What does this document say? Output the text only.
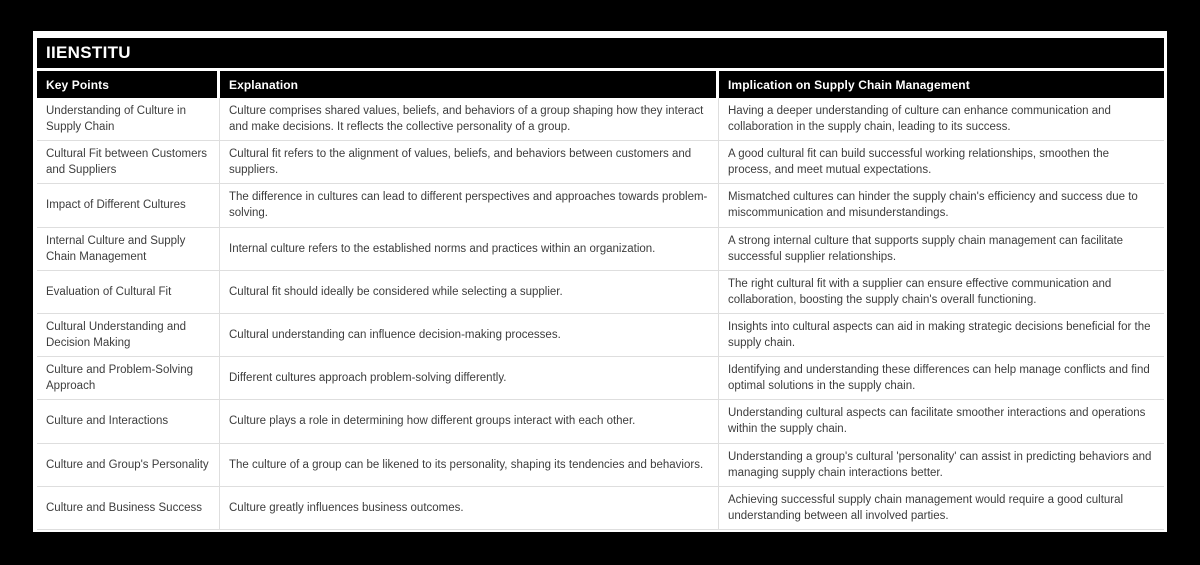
IIENSTITU
Key Points	Explanation	Implication on Supply Chain Management
Understanding of Culture in Supply Chain	Culture comprises shared values, beliefs, and behaviors of a group shaping how they interact and make decisions. It reflects the collective personality of a group.	Having a deeper understanding of culture can enhance communication and collaboration in the supply chain, leading to its success.
Cultural Fit between Customers and Suppliers	Cultural fit refers to the alignment of values, beliefs, and behaviors between customers and suppliers.	A good cultural fit can build successful working relationships, smoothen the process, and meet mutual expectations.
Impact of Different Cultures	The difference in cultures can lead to different perspectives and approaches towards problem-solving.	Mismatched cultures can hinder the supply chain's efficiency and success due to miscommunication and misunderstandings.
Internal Culture and Supply Chain Management	Internal culture refers to the established norms and practices within an organization.	A strong internal culture that supports supply chain management can facilitate successful supplier relationships.
Evaluation of Cultural Fit	Cultural fit should ideally be considered while selecting a supplier.	The right cultural fit with a supplier can ensure effective communication and collaboration, boosting the supply chain's overall functioning.
Cultural Understanding and Decision Making	Cultural understanding can influence decision-making processes.	Insights into cultural aspects can aid in making strategic decisions beneficial for the supply chain.
Culture and Problem-Solving Approach	Different cultures approach problem-solving differently.	Identifying and understanding these differences can help manage conflicts and find optimal solutions in the supply chain.
Culture and Interactions	Culture plays a role in determining how different groups interact with each other.	Understanding cultural aspects can facilitate smoother interactions and operations within the supply chain.
Culture and Group's Personality	The culture of a group can be likened to its personality, shaping its tendencies and behaviors.	Understanding a group's cultural 'personality' can assist in predicting behaviors and managing supply chain interactions better.
Culture and Business Success	Culture greatly influences business outcomes.	Achieving successful supply chain management would require a good cultural understanding between all involved parties.
